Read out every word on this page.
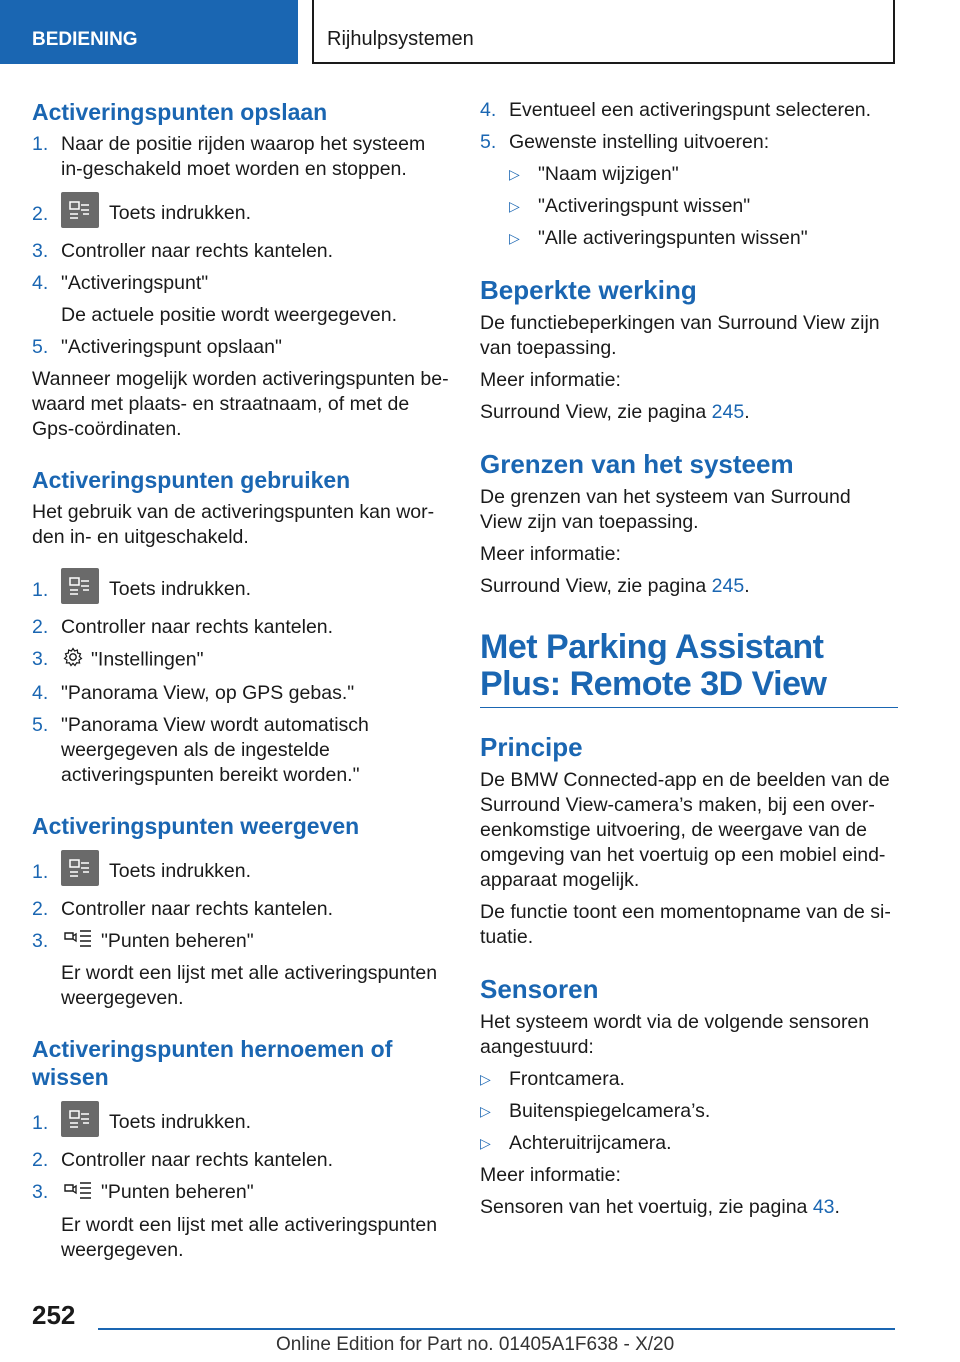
BEDIENING	Rijhulpsystemen
Activeringspunten opslaan
1. Naar de positie rijden waarop het systeem in-geschakeld moet worden en stoppen.
2.	Toets indrukken.
3. Controller naar rechts kantelen.
4. "Activeringspunt"
De actuele positie wordt weergegeven.
5. "Activeringspunt opslaan"
Wanneer mogelijk worden activeringspunten be-waard met plaats- en straatnaam, of met de Gps-coördinaten.
Activeringspunten gebruiken
Het gebruik van de activeringspunten kan wor-den in- en uitgeschakeld.
1.	Toets indrukken.
2. Controller naar rechts kantelen.
3.	"Instellingen"
4. "Panorama View, op GPS gebas."
5. "Panorama View wordt automatisch weergegeven als de ingestelde activeringspunten bereikt worden."
Activeringspunten weergeven
1.	Toets indrukken.
2. Controller naar rechts kantelen.
3.	"Punten beheren"
Er wordt een lijst met alle activeringspunten weergegeven.
Activeringspunten hernoemen of wissen
1.	Toets indrukken.
2. Controller naar rechts kantelen.
3.	"Punten beheren"
Er wordt een lijst met alle activeringspunten weergegeven.
4. Eventueel een activeringspunt selecteren.
5. Gewenste instelling uitvoeren:
▷ "Naam wijzigen"
▷ "Activeringspunt wissen"
▷ "Alle activeringspunten wissen"
Beperkte werking
De functiebeperkingen van Surround View zijn van toepassing.
Meer informatie:
Surround View, zie pagina 245.
Grenzen van het systeem
De grenzen van het systeem van Surround View zijn van toepassing.
Meer informatie:
Surround View, zie pagina 245.
Met Parking Assistant Plus: Remote 3D View
Principe
De BMW Connected-app en de beelden van de Surround View-camera’s maken, bij een over-eenkomstige uitvoering, de weergave van de omgeving van het voertuig op een mobiel eind-apparaat mogelijk.
De functie toont een momentopname van de si-tuatie.
Sensoren
Het systeem wordt via de volgende sensoren aangestuurd:
▷ Frontcamera.
▷ Buitenspiegelcamera’s.
▷ Achteruitrijcamera.
Meer informatie:
Sensoren van het voertuig, zie pagina 43.
252
Online Edition for Part no. 01405A1F638 - X/20
